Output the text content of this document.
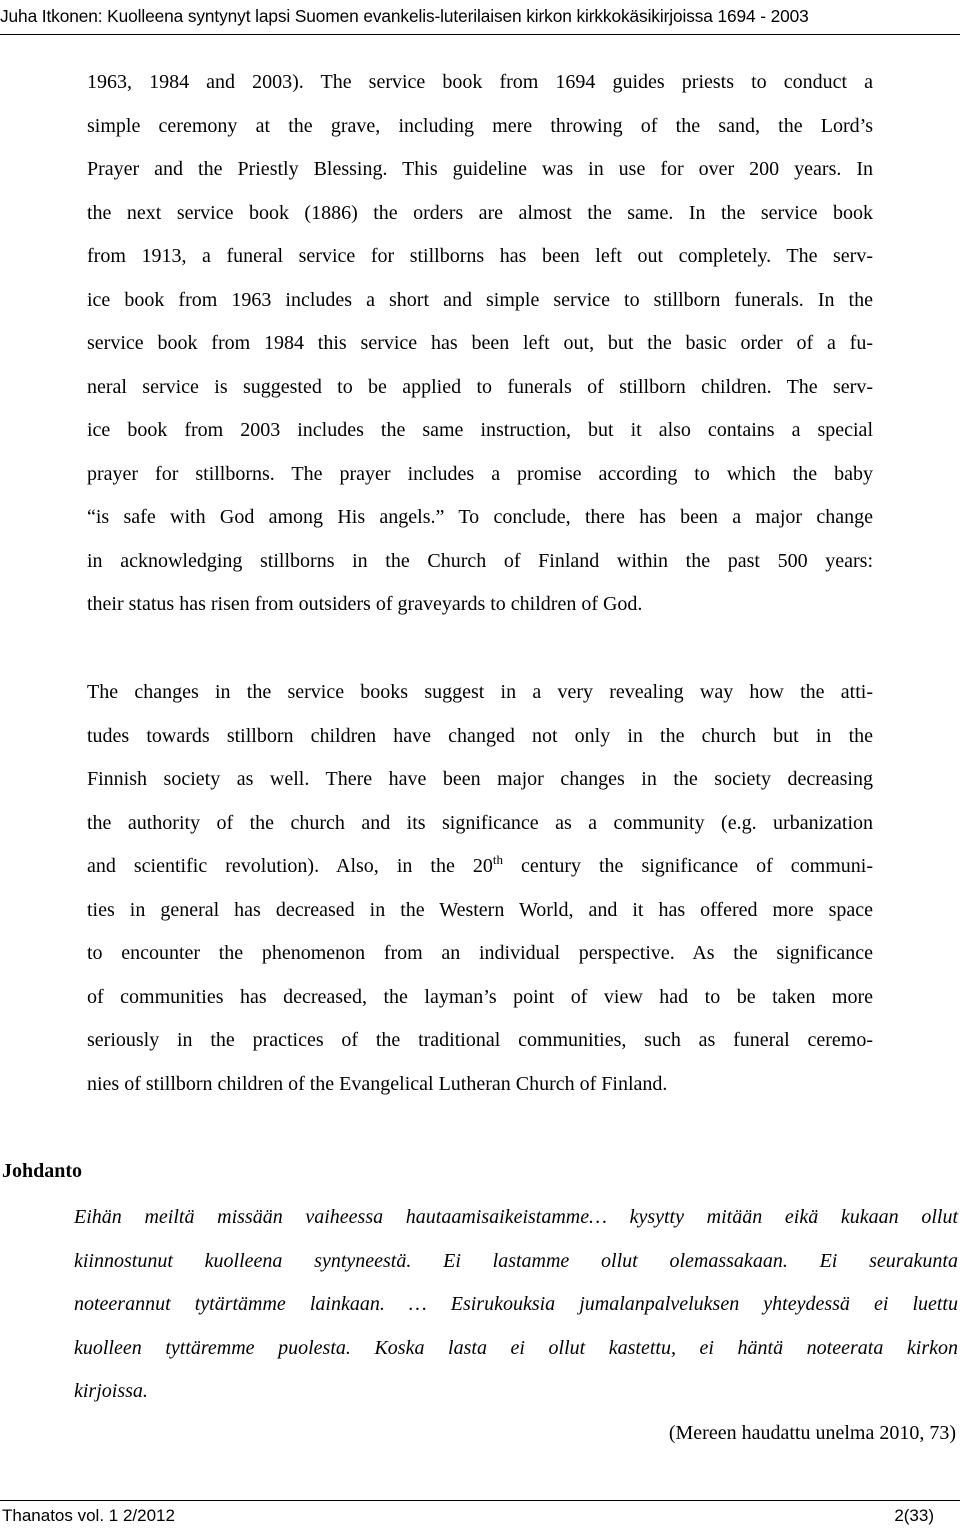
Juha Itkonen: Kuolleena syntynyt lapsi Suomen evankelis-luterilaisen kirkon kirkkokäsikirjoissa 1694 - 2003
1963, 1984 and 2003). The service book from 1694 guides priests to conduct a
simple ceremony at the grave, including mere throwing of the sand, the Lord’s
Prayer and the Priestly Blessing. This guideline was in use for over 200 years. In
the next service book (1886) the orders are almost the same. In the service book
from 1913, a funeral service for stillborns has been left out completely. The serv-
ice book from 1963 includes a short and simple service to stillborn funerals. In the
service book from 1984 this service has been left out, but the basic order of a fu-
neral service is suggested to be applied to funerals of stillborn children. The serv-
ice book from 2003 includes the same instruction, but it also contains a special
prayer for stillborns. The prayer includes a promise according to which the baby
“is safe with God among His angels.” To conclude, there has been a major change
in acknowledging stillborns in the Church of Finland within the past 500 years:
their status has risen from outsiders of graveyards to children of God.
The changes in the service books suggest in a very revealing way how the atti-
tudes towards stillborn children have changed not only in the church but in the
Finnish society as well. There have been major changes in the society decreasing
the authority of the church and its significance as a community (e.g. urbanization
and scientific revolution). Also, in the 20th century the significance of communi-
ties in general has decreased in the Western World, and it has offered more space
to encounter the phenomenon from an individual perspective. As the significance
of communities has decreased, the layman’s point of view had to be taken more
seriously in the practices of the traditional communities, such as funeral ceremo-
nies of stillborn children of the Evangelical Lutheran Church of Finland.
Johdanto
Eihän meiltä missään vaiheessa hautaamisaikeistamme… kysytty mitään eikä kukaan ollut
kiinnostunut kuolleena syntyneestä. Ei lastamme ollut olemassakaan. Ei seurakunta
noteerannut tytärtämme lainkaan. … Esirukouksia jumalanpalveluksen yhteydessä ei luettu
kuolleen tyttäremme puolesta. Koska lasta ei ollut kastettu, ei häntä noteerata kirkon
kirjoissa.
(Mereen haudattu unelma 2010, 73)
Thanatos vol. 1 2/2012	2(33)
